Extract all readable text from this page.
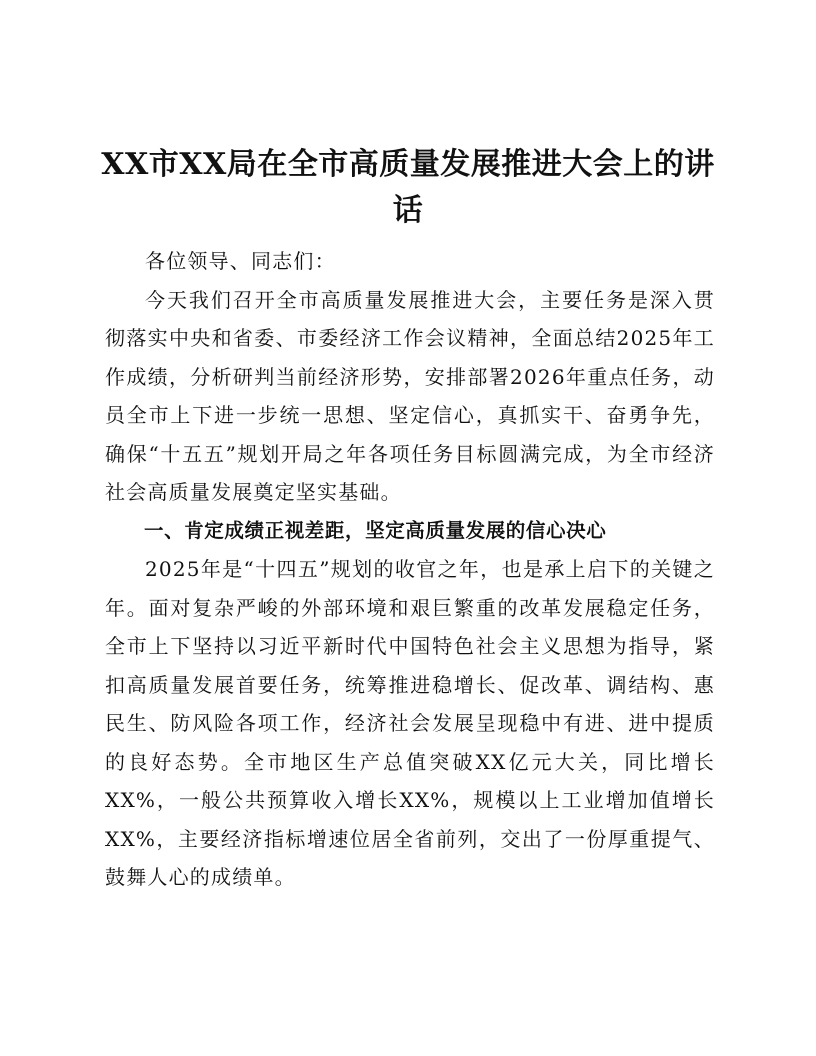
XX市XX局在全市高质量发展推进大会上的讲话

各位领导、同志们：

今天我们召开全市高质量发展推进大会，主要任务是深入贯彻落实中央和省委、市委经济工作会议精神，全面总结2025年工作成绩，分析研判当前经济形势，安排部署2026年重点任务，动员全市上下进一步统一思想、坚定信心，真抓实干、奋勇争先，确保“十五五”规划开局之年各项任务目标圆满完成，为全市经济社会高质量发展奠定坚实基础。

一、肯定成绩正视差距，坚定高质量发展的信心决心

2025年是“十四五”规划的收官之年，也是承上启下的关键之年。面对复杂严峻的外部环境和艰巨繁重的改革发展稳定任务，全市上下坚持以习近平新时代中国特色社会主义思想为指导，紧扣高质量发展首要任务，统筹推进稳增长、促改革、调结构、惠民生、防风险各项工作，经济社会发展呈现稳中有进、进中提质的良好态势。全市地区生产总值突破XX亿元大关，同比增长XX%，一般公共预算收入增长XX%，规模以上工业增加值增长XX%，主要经济指标增速位居全省前列，交出了一份厚重提气、鼓舞人心的成绩单。
